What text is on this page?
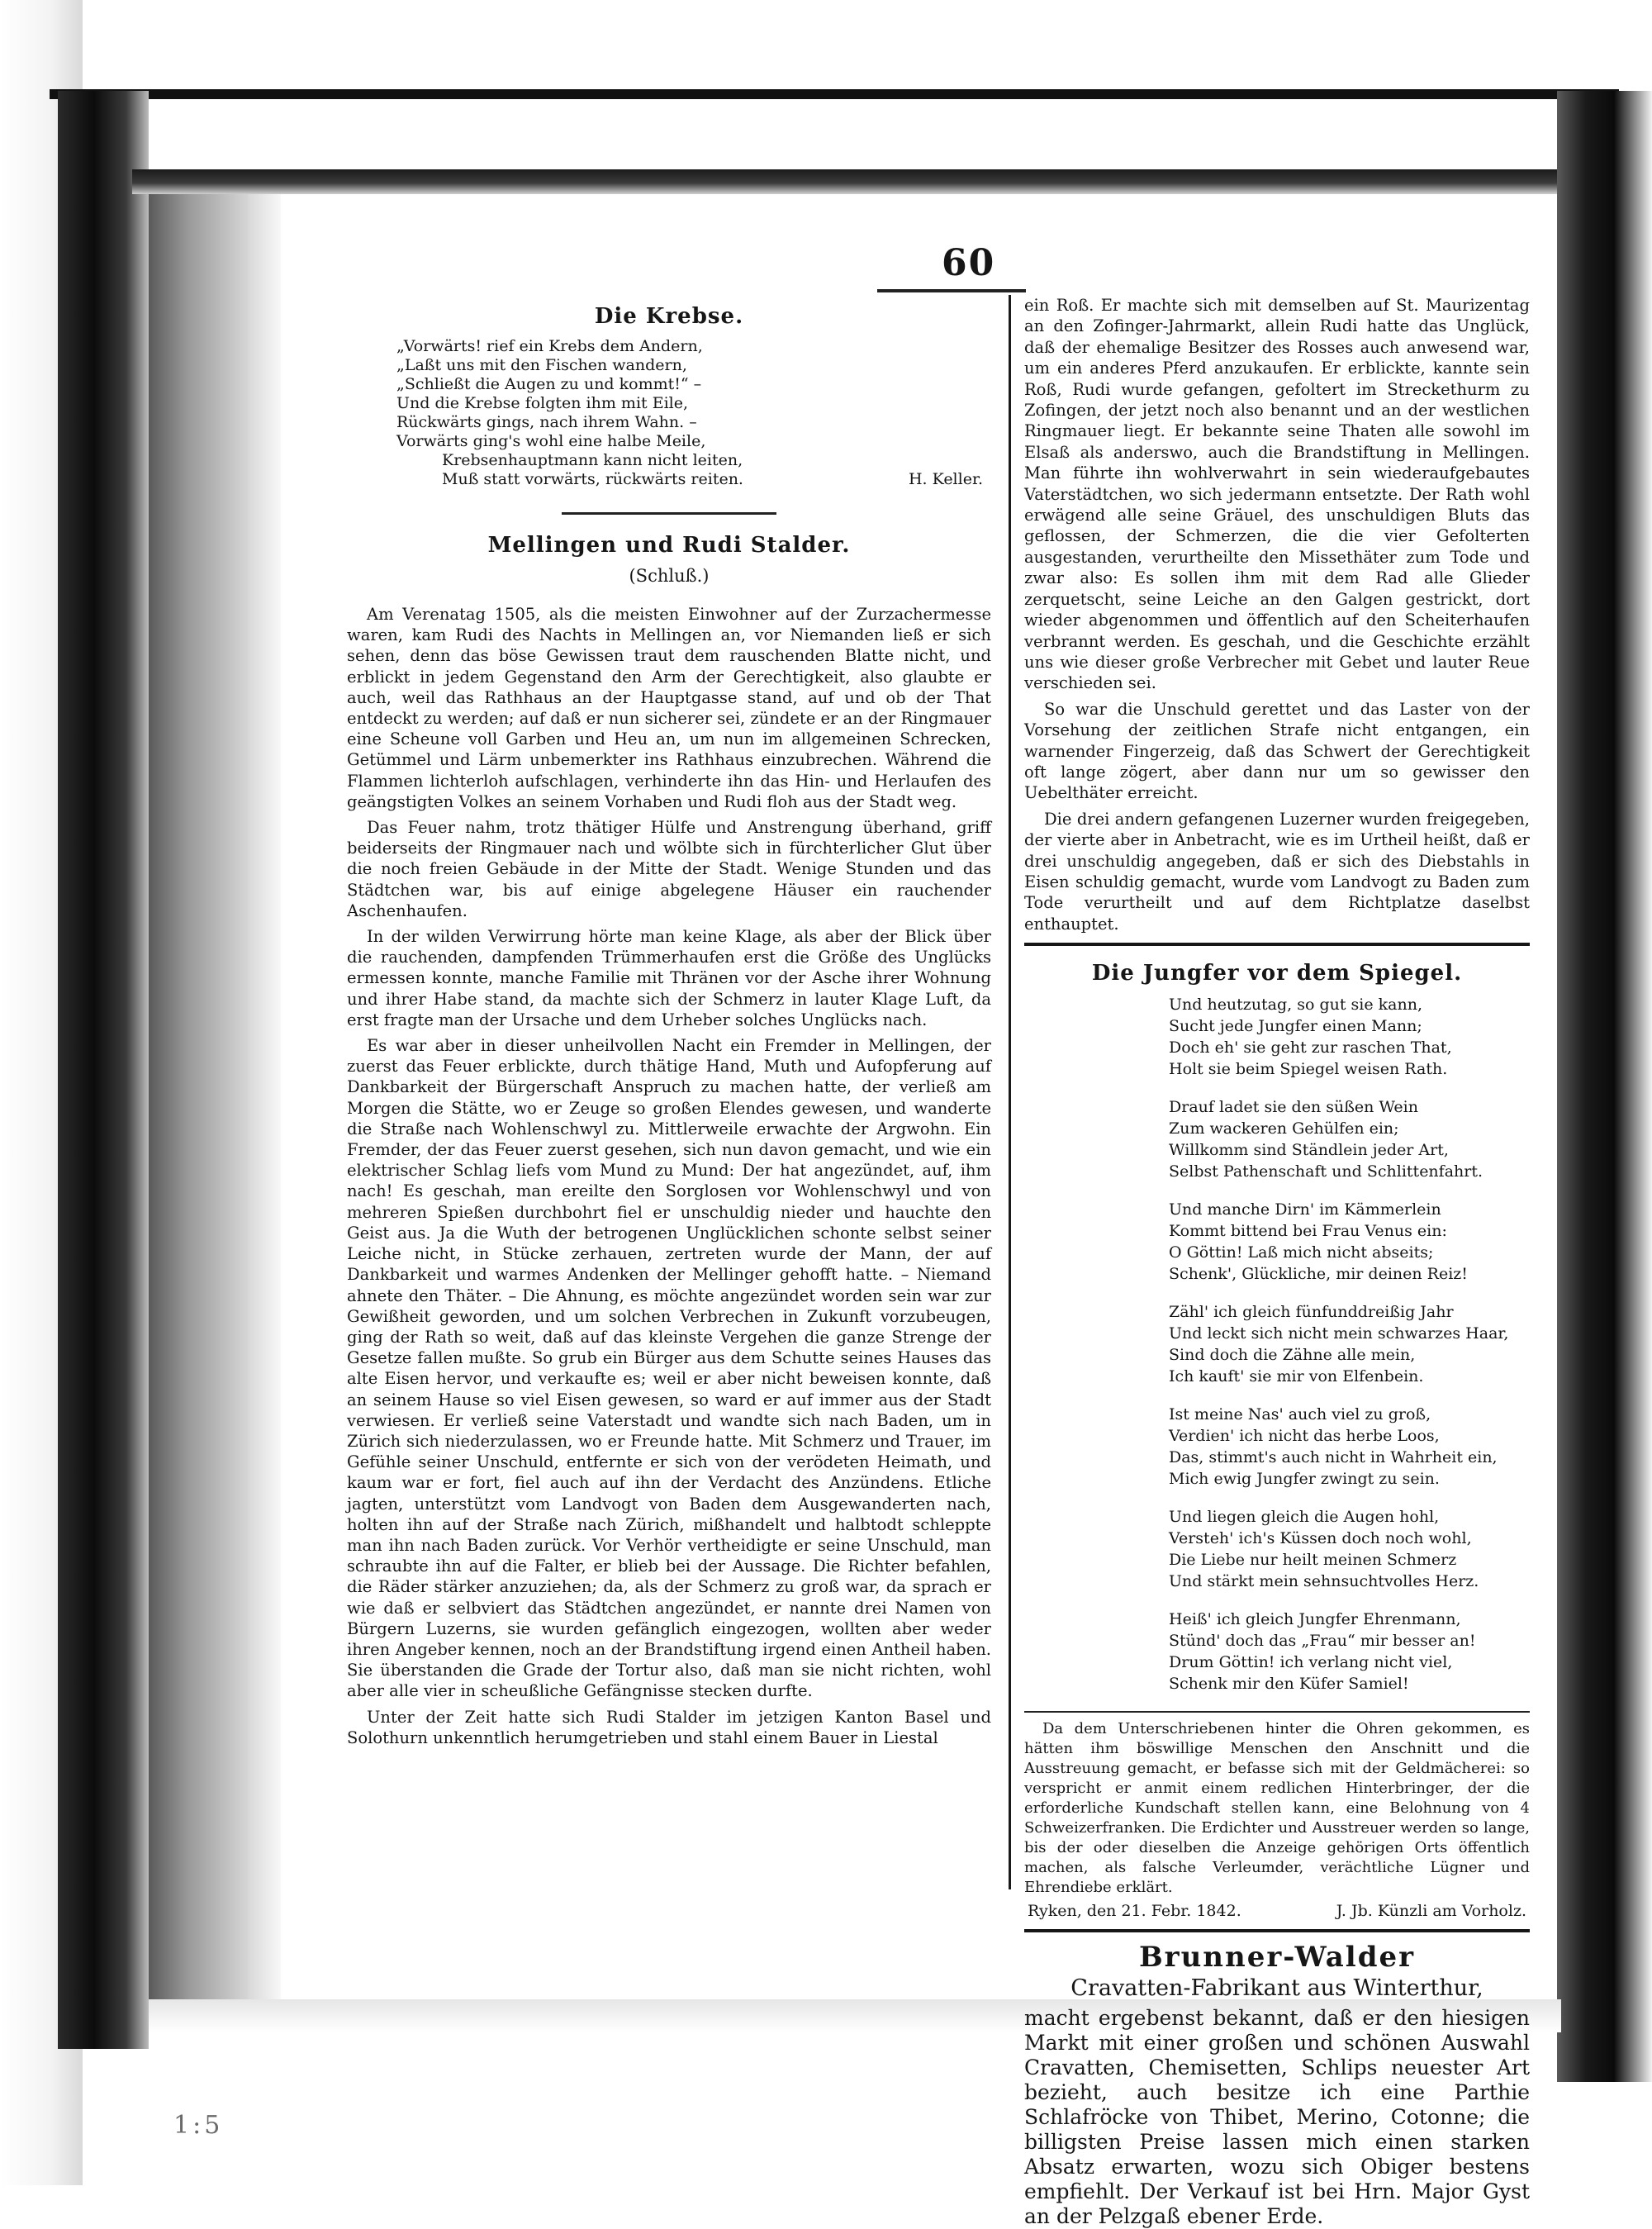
1:5
60
Die Krebse.
„Vorwärts! rief ein Krebs dem Andern,
„Laßt uns mit den Fischen wandern,
„Schließt die Augen zu und kommt!“ –
Und die Krebse folgten ihm mit Eile,
Rückwärts gings, nach ihrem Wahn. –
Vorwärts ging's wohl eine halbe Meile,
Krebsenhauptmann kann nicht leiten,
Muß statt vorwärts, rückwärts reiten.	H. Keller.
Mellingen und Rudi Stalder.
(Schluß.)

Am Verenatag 1505, als die meisten Einwohner auf der Zurzachermesse waren, kam Rudi des Nachts in Mellingen an, vor Niemanden ließ er sich sehen, denn das böse Gewissen traut dem rauschenden Blatte nicht, und erblickt in jedem Gegenstand den Arm der Gerechtigkeit, also glaubte er auch, weil das Rathhaus an der Hauptgasse stand, auf und ob der That entdeckt zu werden; auf daß er nun sicherer sei, zündete er an der Ringmauer eine Scheune voll Garben und Heu an, um nun im allgemeinen Schrecken, Getümmel und Lärm unbemerkter ins Rathhaus einzubrechen. Während die Flammen lichterloh aufschlagen, verhinderte ihn das Hin- und Herlaufen des geängstigten Volkes an seinem Vorhaben und Rudi floh aus der Stadt weg.

Das Feuer nahm, trotz thätiger Hülfe und Anstrengung überhand, griff beiderseits der Ringmauer nach und wölbte sich in fürchterlicher Glut über die noch freien Gebäude in der Mitte der Stadt. Wenige Stunden und das Städtchen war, bis auf einige abgelegene Häuser ein rauchender Aschenhaufen.

In der wilden Verwirrung hörte man keine Klage, als aber der Blick über die rauchenden, dampfenden Trümmerhaufen erst die Größe des Unglücks ermessen konnte, manche Familie mit Thränen vor der Asche ihrer Wohnung und ihrer Habe stand, da machte sich der Schmerz in lauter Klage Luft, da erst fragte man der Ursache und dem Urheber solches Unglücks nach.

Es war aber in dieser unheilvollen Nacht ein Fremder in Mellingen, der zuerst das Feuer erblickte, durch thätige Hand, Muth und Aufopferung auf Dankbarkeit der Bürgerschaft Anspruch zu machen hatte, der verließ am Morgen die Stätte, wo er Zeuge so großen Elendes gewesen, und wanderte die Straße nach Wohlenschwyl zu. Mittlerweile erwachte der Argwohn. Ein Fremder, der das Feuer zuerst gesehen, sich nun davon gemacht, und wie ein elektrischer Schlag liefs vom Mund zu Mund: Der hat angezündet, auf, ihm nach! Es geschah, man ereilte den Sorglosen vor Wohlenschwyl und von mehreren Spießen durchbohrt fiel er unschuldig nieder und hauchte den Geist aus. Ja die Wuth der betrogenen Unglücklichen schonte selbst seiner Leiche nicht, in Stücke zerhauen, zertreten wurde der Mann, der auf Dankbarkeit und warmes Andenken der Mellinger gehofft hatte. – Niemand ahnete den Thäter. – Die Ahnung, es möchte angezündet worden sein war zur Gewißheit geworden, und um solchen Verbrechen in Zukunft vorzubeugen, ging der Rath so weit, daß auf das kleinste Vergehen die ganze Strenge der Gesetze fallen mußte. So grub ein Bürger aus dem Schutte seines Hauses das alte Eisen hervor, und verkaufte es; weil er aber nicht beweisen konnte, daß an seinem Hause so viel Eisen gewesen, so ward er auf immer aus der Stadt verwiesen. Er verließ seine Vaterstadt und wandte sich nach Baden, um in Zürich sich niederzulassen, wo er Freunde hatte. Mit Schmerz und Trauer, im Gefühle seiner Unschuld, entfernte er sich von der verödeten Heimath, und kaum war er fort, fiel auch auf ihn der Verdacht des Anzündens. Etliche jagten, unterstützt vom Landvogt von Baden dem Ausgewanderten nach, holten ihn auf der Straße nach Zürich, mißhandelt und halbtodt schleppte man ihn nach Baden zurück. Vor Verhör vertheidigte er seine Unschuld, man schraubte ihn auf die Falter, er blieb bei der Aussage. Die Richter befahlen, die Räder stärker anzuziehen; da, als der Schmerz zu groß war, da sprach er wie daß er selbviert das Städtchen angezündet, er nannte drei Namen von Bürgern Luzerns, sie wurden gefänglich eingezogen, wollten aber weder ihren Angeber kennen, noch an der Brandstiftung irgend einen Antheil haben. Sie überstanden die Grade der Tortur also, daß man sie nicht richten, wohl aber alle vier in scheußliche Gefängnisse stecken durfte.

Unter der Zeit hatte sich Rudi Stalder im jetzigen Kanton Basel und Solothurn unkenntlich herumgetrieben und stahl einem Bauer in Liestal

ein Roß. Er machte sich mit demselben auf St. Maurizentag an den Zofinger-Jahrmarkt, allein Rudi hatte das Unglück, daß der ehemalige Besitzer des Rosses auch anwesend war, um ein anderes Pferd anzukaufen. Er erblickte, kannte sein Roß, Rudi wurde gefangen, gefoltert im Streckethurm zu Zofingen, der jetzt noch also benannt und an der westlichen Ringmauer liegt. Er bekannte seine Thaten alle sowohl im Elsaß als anderswo, auch die Brandstiftung in Mellingen. Man führte ihn wohlverwahrt in sein wiederaufgebautes Vaterstädtchen, wo sich jedermann entsetzte. Der Rath wohl erwägend alle seine Gräuel, des unschuldigen Bluts das geflossen, der Schmerzen, die die vier Gefolterten ausgestanden, verurtheilte den Missethäter zum Tode und zwar also: Es sollen ihm mit dem Rad alle Glieder zerquetscht, seine Leiche an den Galgen gestrickt, dort wieder abgenommen und öffentlich auf den Scheiterhaufen verbrannt werden. Es geschah, und die Geschichte erzählt uns wie dieser große Verbrecher mit Gebet und lauter Reue verschieden sei.

So war die Unschuld gerettet und das Laster von der Vorsehung der zeitlichen Strafe nicht entgangen, ein warnender Fingerzeig, daß das Schwert der Gerechtigkeit oft lange zögert, aber dann nur um so gewisser den Uebelthäter erreicht.

Die drei andern gefangenen Luzerner wurden freigegeben, der vierte aber in Anbetracht, wie es im Urtheil heißt, daß er drei unschuldig angegeben, daß er sich des Diebstahls in Eisen schuldig gemacht, wurde vom Landvogt zu Baden zum Tode verurtheilt und auf dem Richtplatze daselbst enthauptet.

Die Jungfer vor dem Spiegel.
Und heutzutag, so gut sie kann,
Sucht jede Jungfer einen Mann;
Doch eh' sie geht zur raschen That,
Holt sie beim Spiegel weisen Rath.
Drauf ladet sie den süßen Wein
Zum wackeren Gehülfen ein;
Willkomm sind Ständlein jeder Art,
Selbst Pathenschaft und Schlittenfahrt.
Und manche Dirn' im Kämmerlein
Kommt bittend bei Frau Venus ein:
O Göttin! Laß mich nicht abseits;
Schenk', Glückliche, mir deinen Reiz!
Zähl' ich gleich fünfunddreißig Jahr
Und leckt sich nicht mein schwarzes Haar,
Sind doch die Zähne alle mein,
Ich kauft' sie mir von Elfenbein.
Ist meine Nas' auch viel zu groß,
Verdien' ich nicht das herbe Loos,
Das, stimmt's auch nicht in Wahrheit ein,
Mich ewig Jungfer zwingt zu sein.
Und liegen gleich die Augen hohl,
Versteh' ich's Küssen doch noch wohl,
Die Liebe nur heilt meinen Schmerz
Und stärkt mein sehnsuchtvolles Herz.
Heiß' ich gleich Jungfer Ehrenmann,
Stünd' doch das „Frau“ mir besser an!
Drum Göttin! ich verlang nicht viel,
Schenk mir den Küfer Samiel!

Da dem Unterschriebenen hinter die Ohren gekommen, es hätten ihm böswillige Menschen den Anschnitt und die Ausstreuung gemacht, er befasse sich mit der Geldmächerei: so verspricht er anmit einem redlichen Hinterbringer, der die erforderliche Kundschaft stellen kann, eine Belohnung von 4 Schweizerfranken. Die Erdichter und Ausstreuer werden so lange, bis der oder dieselben die Anzeige gehörigen Orts öffentlich machen, als falsche Verleumder, verächtliche Lügner und Ehrendiebe erklärt.

Ryken, den 21. Febr. 1842.	J. Jb. Künzli am Vorholz.
Brunner-Walder
Cravatten-Fabrikant aus Winterthur,

macht ergebenst bekannt, daß er den hiesigen Markt mit einer großen und schönen Auswahl Cravatten, Chemisetten, Schlips neuester Art bezieht, auch besitze ich eine Parthie Schlafröcke von Thibet, Merino, Cotonne; die billigsten Preise lassen mich einen starken Absatz erwarten, wozu sich Obiger bestens empfiehlt. Der Verkauf ist bei Hrn. Major Gyst an der Pelzgaß ebener Erde.
